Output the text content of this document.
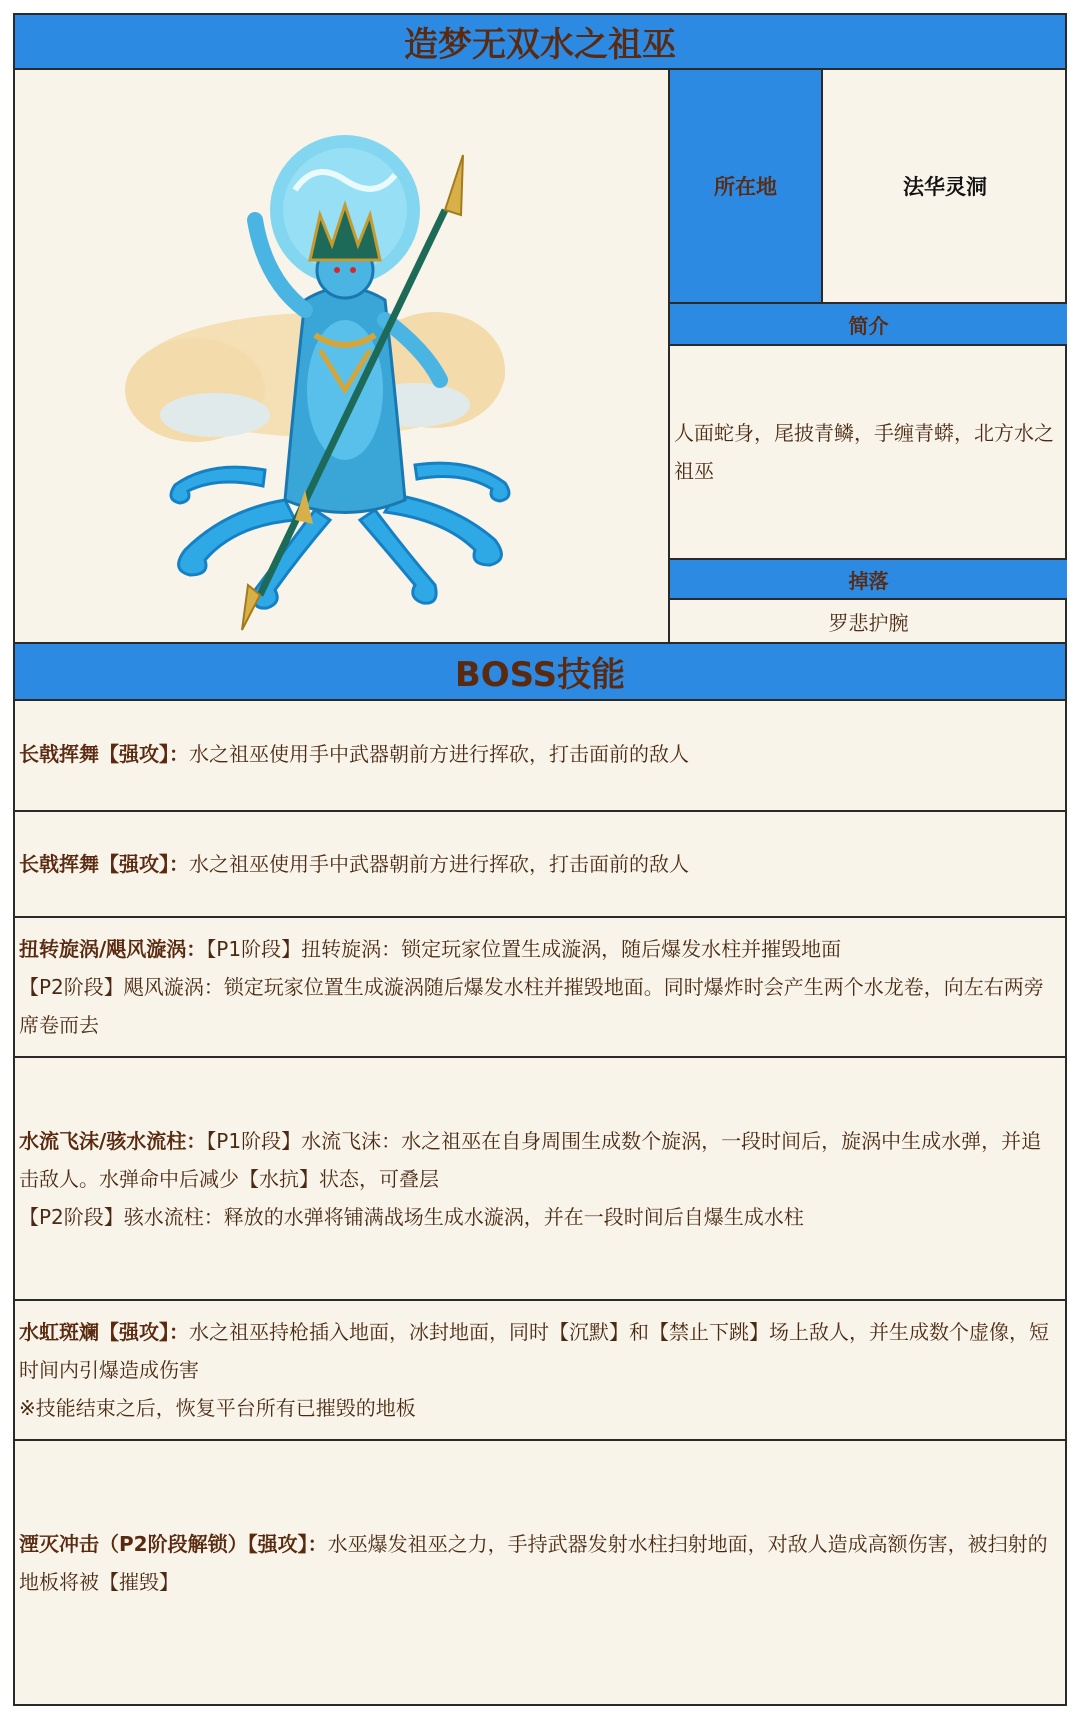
造梦无双水之祖巫
所在地	法华灵洞
简介
人面蛇身，尾披青鳞，手缠青蟒，北方水之祖巫
掉落
罗悲护腕
BOSS技能
长戟挥舞【强攻】：水之祖巫使用手中武器朝前方进行挥砍，打击面前的敌人
长戟挥舞【强攻】：水之祖巫使用手中武器朝前方进行挥砍，打击面前的敌人
扭转旋涡/飓风漩涡：【P1阶段】扭转旋涡：锁定玩家位置生成漩涡，随后爆发水柱并摧毁地面
【P2阶段】飓风漩涡：锁定玩家位置生成漩涡随后爆发水柱并摧毁地面。同时爆炸时会产生两个水龙卷，向左右两旁席卷而去
水流飞沫/骇水流柱：【P1阶段】水流飞沫：水之祖巫在自身周围生成数个旋涡，一段时间后，旋涡中生成水弹，并追击敌人。水弹命中后减少【水抗】状态，可叠层
【P2阶段】骇水流柱：释放的水弹将铺满战场生成水漩涡，并在一段时间后自爆生成水柱
水虹斑斓【强攻】：水之祖巫持枪插入地面，冰封地面，同时【沉默】和【禁止下跳】场上敌人，并生成数个虚像，短时间内引爆造成伤害
※技能结束之后，恢复平台所有已摧毁的地板
湮灭冲击（P2阶段解锁）【强攻】：水巫爆发祖巫之力，手持武器发射水柱扫射地面，对敌人造成高额伤害，被扫射的地板将被【摧毁】
